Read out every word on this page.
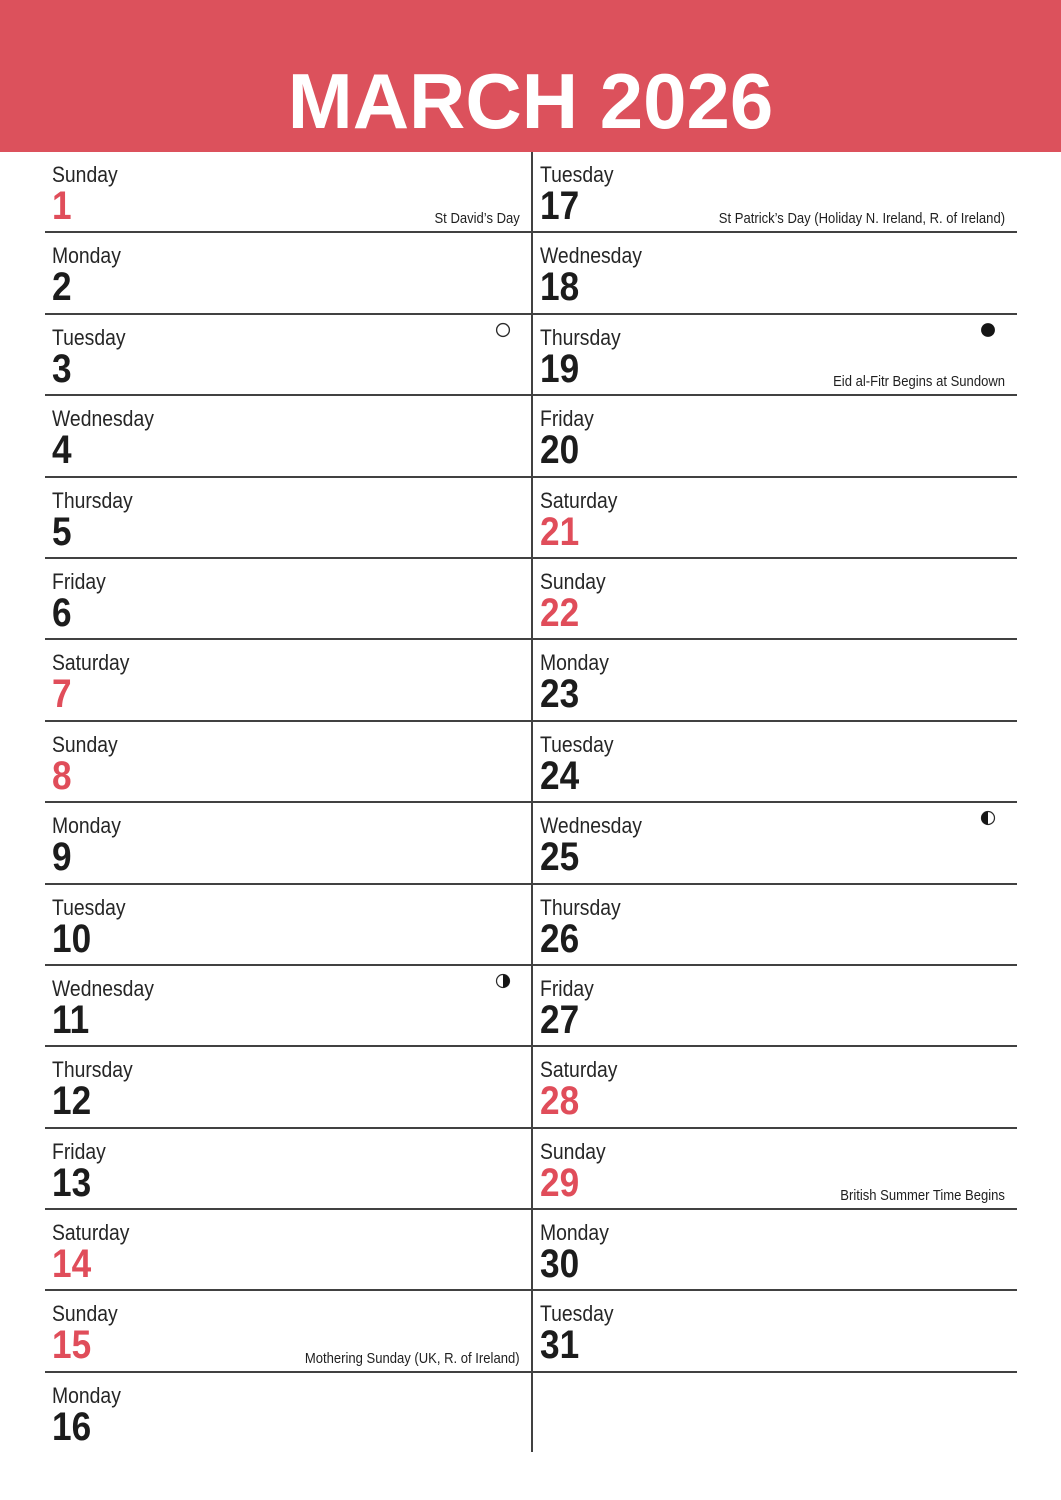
MARCH 2026
Sunday
1	St David’s Day
Monday
2
Tuesday
3
Wednesday
4
Thursday
5
Friday
6
Saturday
7
Sunday
8
Monday
9
Tuesday
10
Wednesday
11
Thursday
12
Friday
13
Saturday
14
Sunday
15	Mothering Sunday (UK, R. of Ireland)
Monday
16
Tuesday
17	St Patrick’s Day (Holiday N. Ireland, R. of Ireland)
Wednesday
18
Thursday
19	Eid al-Fitr Begins at Sundown
Friday
20
Saturday
21
Sunday
22
Monday
23
Tuesday
24
Wednesday
25
Thursday
26
Friday
27
Saturday
28
Sunday
29	British Summer Time Begins
Monday
30
Tuesday
31
